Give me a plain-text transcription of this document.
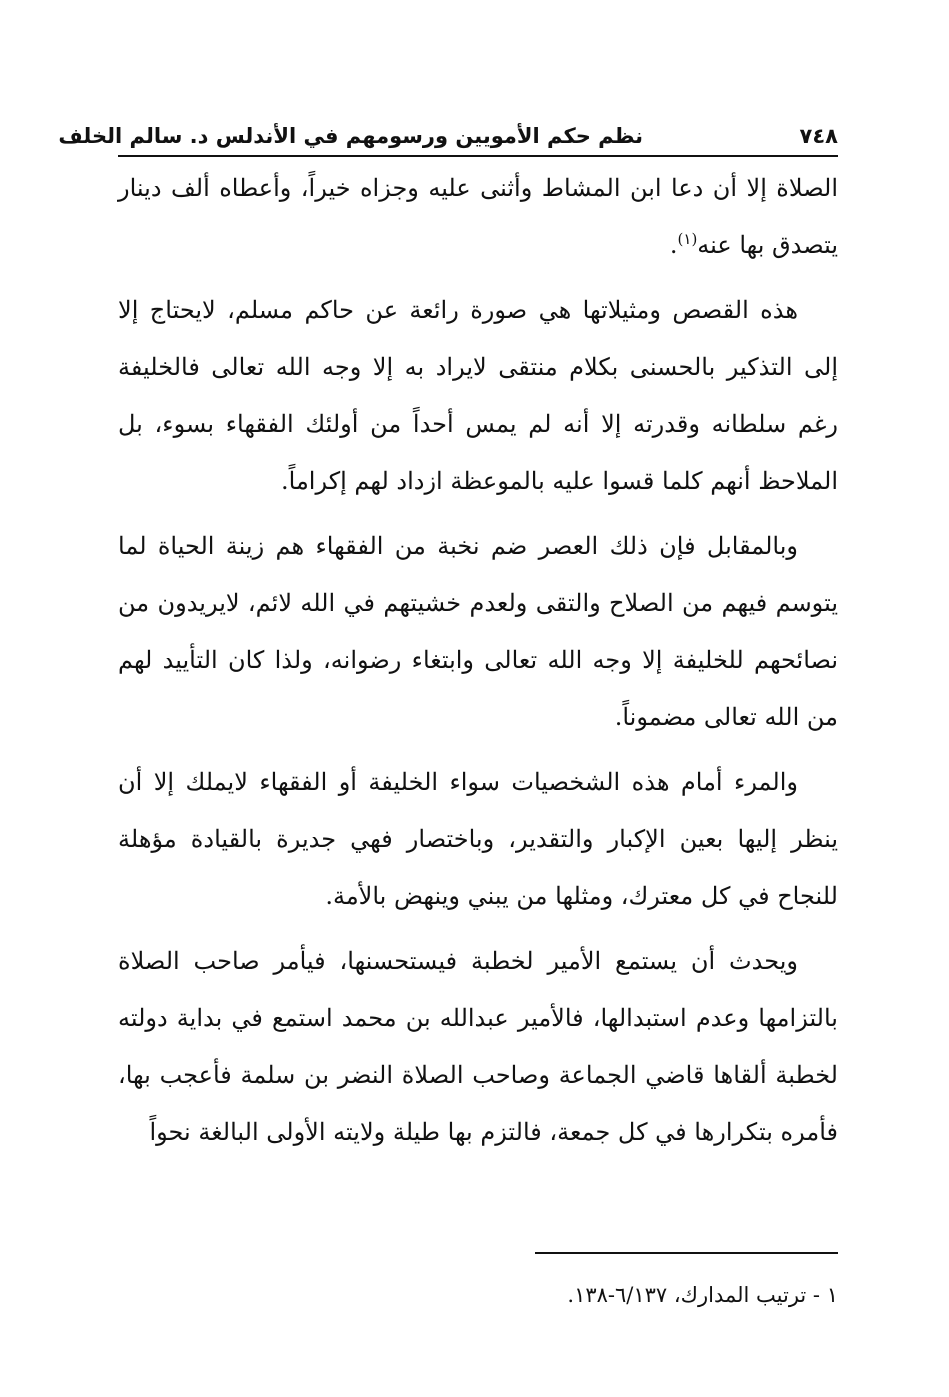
٧٤٨
نظم حكم الأمويين ورسومهم في الأندلس د. سالم الخلف

الصلاة إلا أن دعا ابن المشاط وأثنى عليه وجزاه خيراً، وأعطاه ألف دينار يتصدق بها عنه$^{(١)}$.

هذه القصص ومثيلاتها هي صورة رائعة عن حاكم مسلم، لايحتاج إلا إلى التذكير بالحسنى بكلام منتقى لايراد به إلا وجه الله تعالى فالخليفة رغم سلطانه وقدرته إلا أنه لم يمس أحداً من أولئك الفقهاء بسوء، بل الملاحظ أنهم كلما قسوا عليه بالموعظة ازداد لهم إكراماً.

وبالمقابل فإن ذلك العصر ضم نخبة من الفقهاء هم زينة الحياة لما يتوسم فيهم من الصلاح والتقى ولعدم خشيتهم في الله لائم، لايريدون من نصائحهم للخليفة إلا وجه الله تعالى وابتغاء رضوانه، ولذا كان التأييد لهم من الله تعالى مضموناً.

والمرء أمام هذه الشخصيات سواء الخليفة أو الفقهاء لايملك إلا أن ينظر إليها بعين الإكبار والتقدير، وباختصار فهي جديرة بالقيادة مؤهلة للنجاح في كل معترك، ومثلها من يبني وينهض بالأمة.

ويحدث أن يستمع الأمير لخطبة فيستحسنها، فيأمر صاحب الصلاة بالتزامها وعدم استبدالها، فالأمير عبدالله بن محمد استمع في بداية دولته لخطبة ألقاها قاضي الجماعة وصاحب الصلاة النضر بن سلمة فأعجب بها، فأمره بتكرارها في كل جمعة، فالتزم بها طيلة ولايته الأولى البالغة نحواً

١ - ترتيب المدارك، ٦/١٣٧-١٣٨.
